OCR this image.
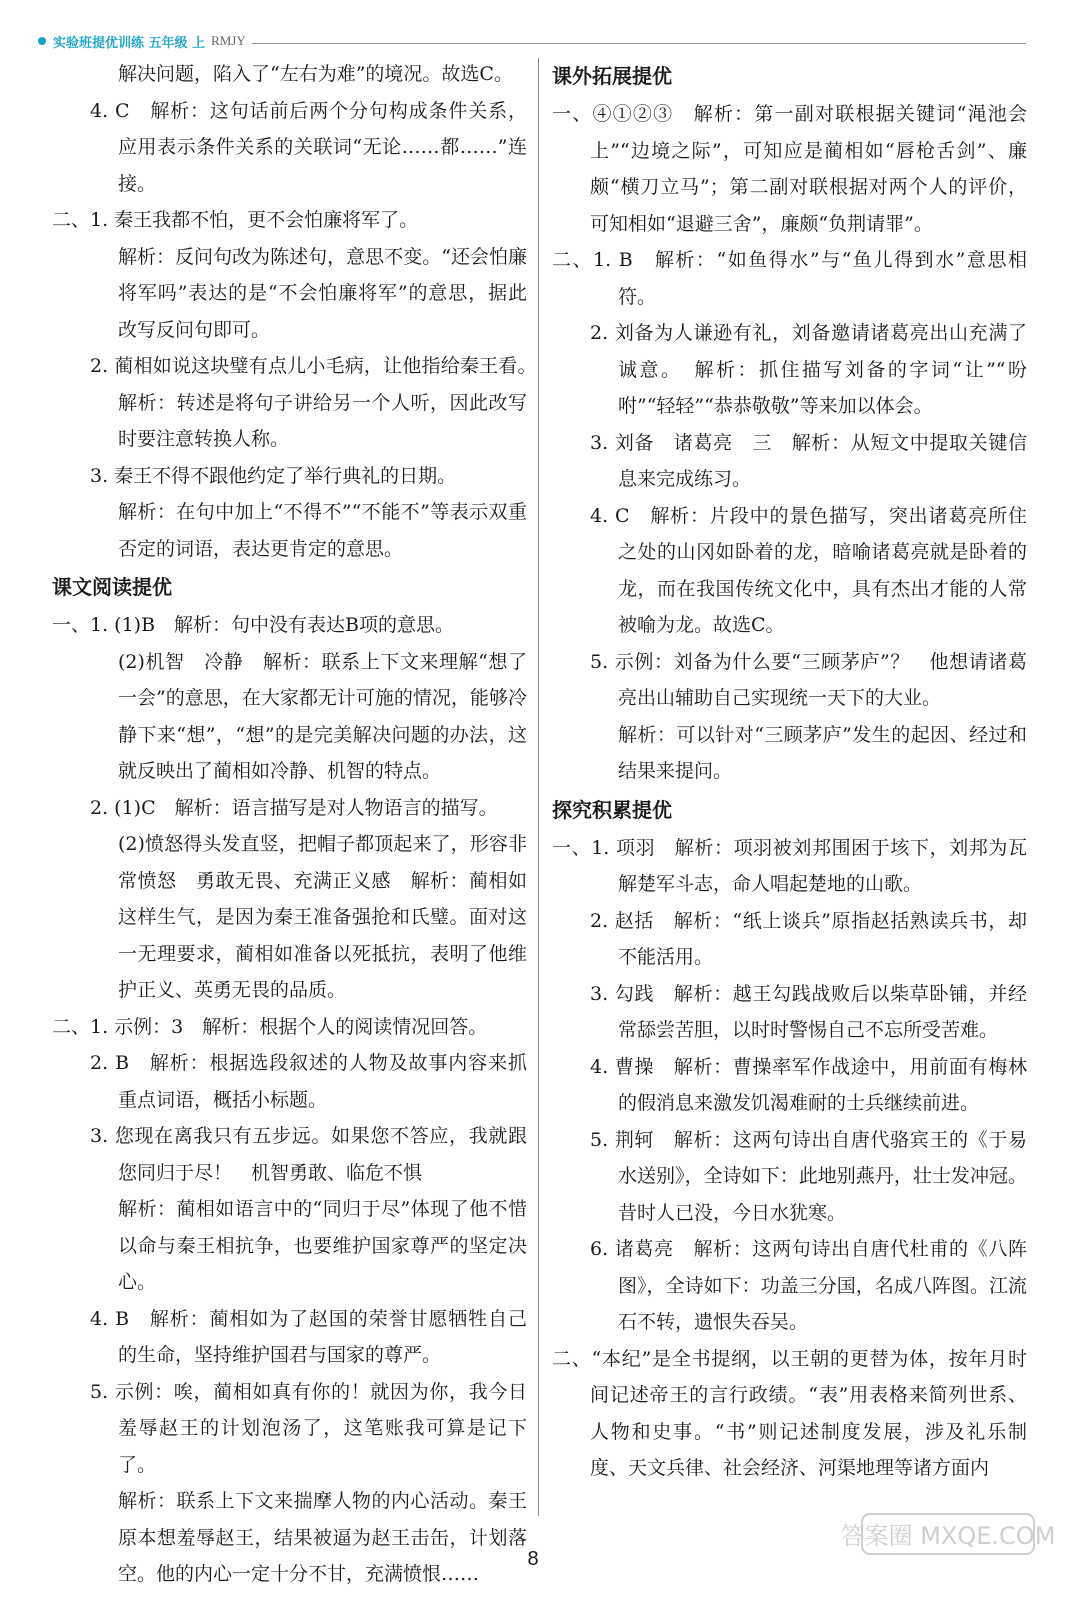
实验班提优训练 五年级 上 RMJY

解决问题，陷入了“左右为难”的境况。故选C。

4. C　解析：这句话前后两个分句构成条件关系，应用表示条件关系的关联词“无论……都……”连接。

二、1. 秦王我都不怕，更不会怕廉将军了。

解析：反问句改为陈述句，意思不变。“还会怕廉将军吗”表达的是“不会怕廉将军”的意思，据此改写反问句即可。

2. 蔺相如说这块璧有点儿小毛病，让他指给秦王看。　解析：转述是将句子讲给另一个人听，因此改写时要注意转换人称。

3. 秦王不得不跟他约定了举行典礼的日期。

解析：在句中加上“不得不”“不能不”等表示双重否定的词语，表达更肯定的意思。

课文阅读提优

一、1. (1)B　解析：句中没有表达B项的意思。

(2)机智　冷静　解析：联系上下文来理解“想了一会”的意思，在大家都无计可施的情况，能够冷静下来“想”，“想”的是完美解决问题的办法，这就反映出了蔺相如冷静、机智的特点。

2. (1)C　解析：语言描写是对人物语言的描写。

(2)愤怒得头发直竖，把帽子都顶起来了，形容非常愤怒　勇敢无畏、充满正义感　解析：蔺相如这样生气，是因为秦王准备强抢和氏璧。面对这一无理要求，蔺相如准备以死抵抗，表明了他维护正义、英勇无畏的品质。

二、1. 示例：3　解析：根据个人的阅读情况回答。

2. B　解析：根据选段叙述的人物及故事内容来抓重点词语，概括小标题。

3. 您现在离我只有五步远。如果您不答应，我就跟您同归于尽！　机智勇敢、临危不惧

解析：蔺相如语言中的“同归于尽”体现了他不惜以命与秦王相抗争，也要维护国家尊严的坚定决心。

4. B　解析：蔺相如为了赵国的荣誉甘愿牺牲自己的生命，坚持维护国君与国家的尊严。

5. 示例：唉，蔺相如真有你的！就因为你，我今日羞辱赵王的计划泡汤了，这笔账我可算是记下了。

解析：联系上下文来揣摩人物的内心活动。秦王原本想羞辱赵王，结果被逼为赵王击缶，计划落空。他的内心一定十分不甘，充满愤恨……

课外拓展提优

一、④①②③　解析：第一副对联根据关键词“渑池会上”“边境之际”，可知应是蔺相如“唇枪舌剑”、廉颇“横刀立马”；第二副对联根据对两个人的评价，可知相如“退避三舍”，廉颇“负荆请罪”。

二、1. B　解析：“如鱼得水”与“鱼儿得到水”意思相符。

2. 刘备为人谦逊有礼，刘备邀请诸葛亮出山充满了诚意。　解析：抓住描写刘备的字词“让”“吩咐”“轻轻”“恭恭敬敬”等来加以体会。

3. 刘备　诸葛亮　三　解析：从短文中提取关键信息来完成练习。

4. C　解析：片段中的景色描写，突出诸葛亮所住之处的山冈如卧着的龙，暗喻诸葛亮就是卧着的龙，而在我国传统文化中，具有杰出才能的人常被喻为龙。故选C。

5. 示例：刘备为什么要“三顾茅庐”？　他想请诸葛亮出山辅助自己实现统一天下的大业。

解析：可以针对“三顾茅庐”发生的起因、经过和结果来提问。

探究积累提优

一、1. 项羽　解析：项羽被刘邦围困于垓下，刘邦为瓦解楚军斗志，命人唱起楚地的山歌。

2. 赵括　解析：“纸上谈兵”原指赵括熟读兵书，却不能活用。

3. 勾践　解析：越王勾践战败后以柴草卧铺，并经常舔尝苦胆，以时时警惕自己不忘所受苦难。

4. 曹操　解析：曹操率军作战途中，用前面有梅林的假消息来激发饥渴难耐的士兵继续前进。

5. 荆轲　解析：这两句诗出自唐代骆宾王的《于易水送别》，全诗如下：此地别燕丹，壮士发冲冠。昔时人已没，今日水犹寒。

6. 诸葛亮　解析：这两句诗出自唐代杜甫的《八阵图》，全诗如下：功盖三分国，名成八阵图。江流石不转，遗恨失吞吴。

二、“本纪”是全书提纲，以王朝的更替为体，按年月时间记述帝王的言行政绩。“表”用表格来简列世系、人物和史事。“书”则记述制度发展，涉及礼乐制度、天文兵律、社会经济、河渠地理等诸方面内

8
答案圈 MXQE.COM
